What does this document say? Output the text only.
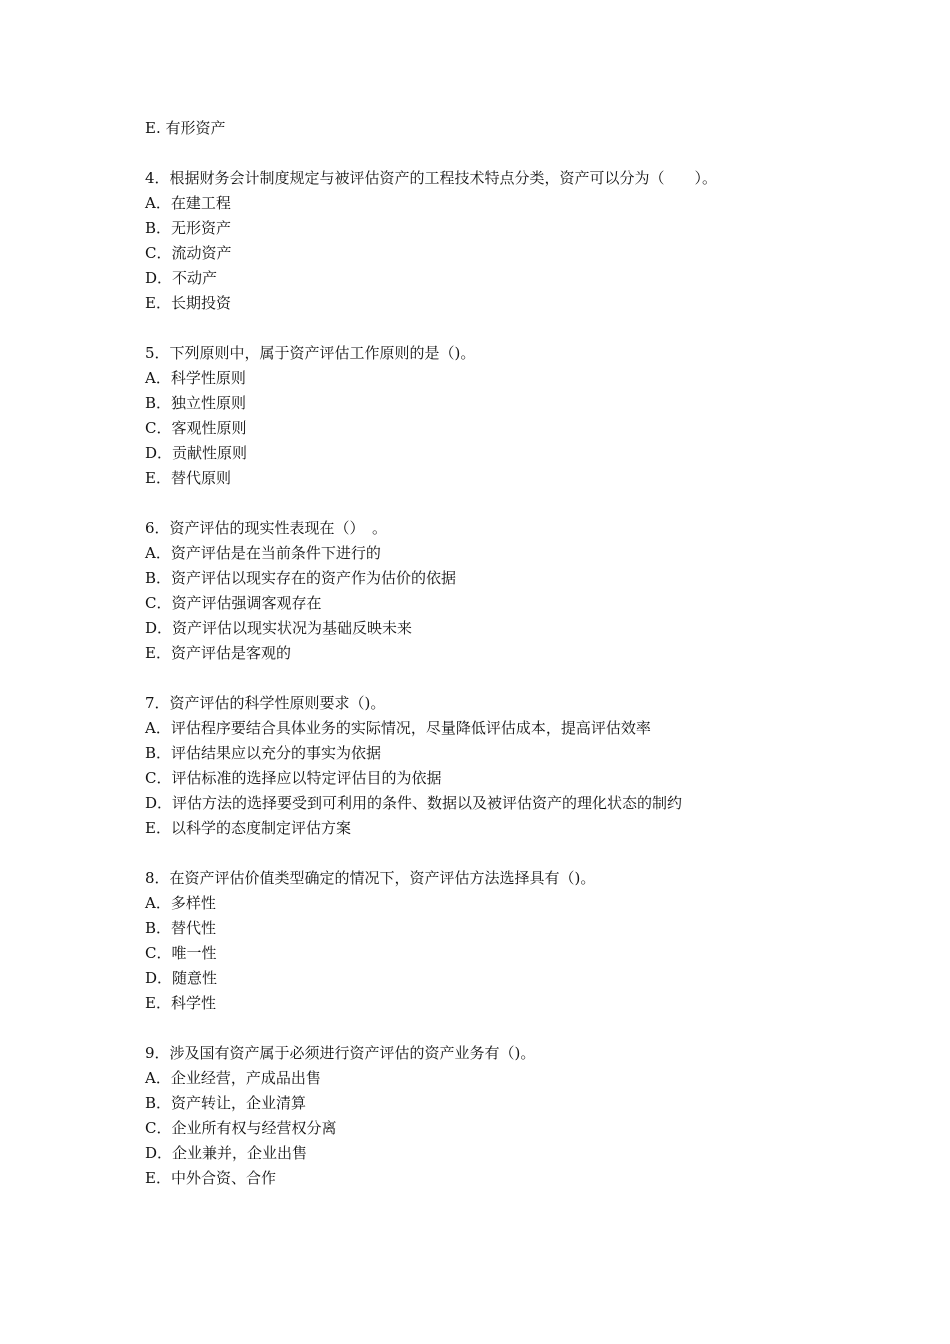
E. 有形资产
4．根据财务会计制度规定与被评估资产的工程技术特点分类，资产可以分为（　　）。
A．在建工程
B．无形资产
C．流动资产
D．不动产
E．长期投资
5．下列原则中，属于资产评估工作原则的是（)。
A．科学性原则
B．独立性原则
C．客观性原则
D．贡献性原则
E．替代原则
6．资产评估的现实性表现在（）　。
A．资产评估是在当前条件下进行的
B．资产评估以现实存在的资产作为估价的依据
C．资产评估强调客观存在
D．资产评估以现实状况为基础反映未来
E．资产评估是客观的
7．资产评估的科学性原则要求（)。
A．评估程序要结合具体业务的实际情况，尽量降低评估成本，提高评估效率
B．评估结果应以充分的事实为依据
C．评估标准的选择应以特定评估目的为依据
D．评估方法的选择要受到可利用的条件、数据以及被评估资产的理化状态的制约
E．以科学的态度制定评估方案
8．在资产评估价值类型确定的情况下，资产评估方法选择具有（)。
A．多样性
B．替代性
C．唯一性
D．随意性
E．科学性
9．涉及国有资产属于必须进行资产评估的资产业务有（)。
A．企业经营，产成品出售
B．资产转让，企业清算
C．企业所有权与经营权分离
D．企业兼并，企业出售
E．中外合资、合作
